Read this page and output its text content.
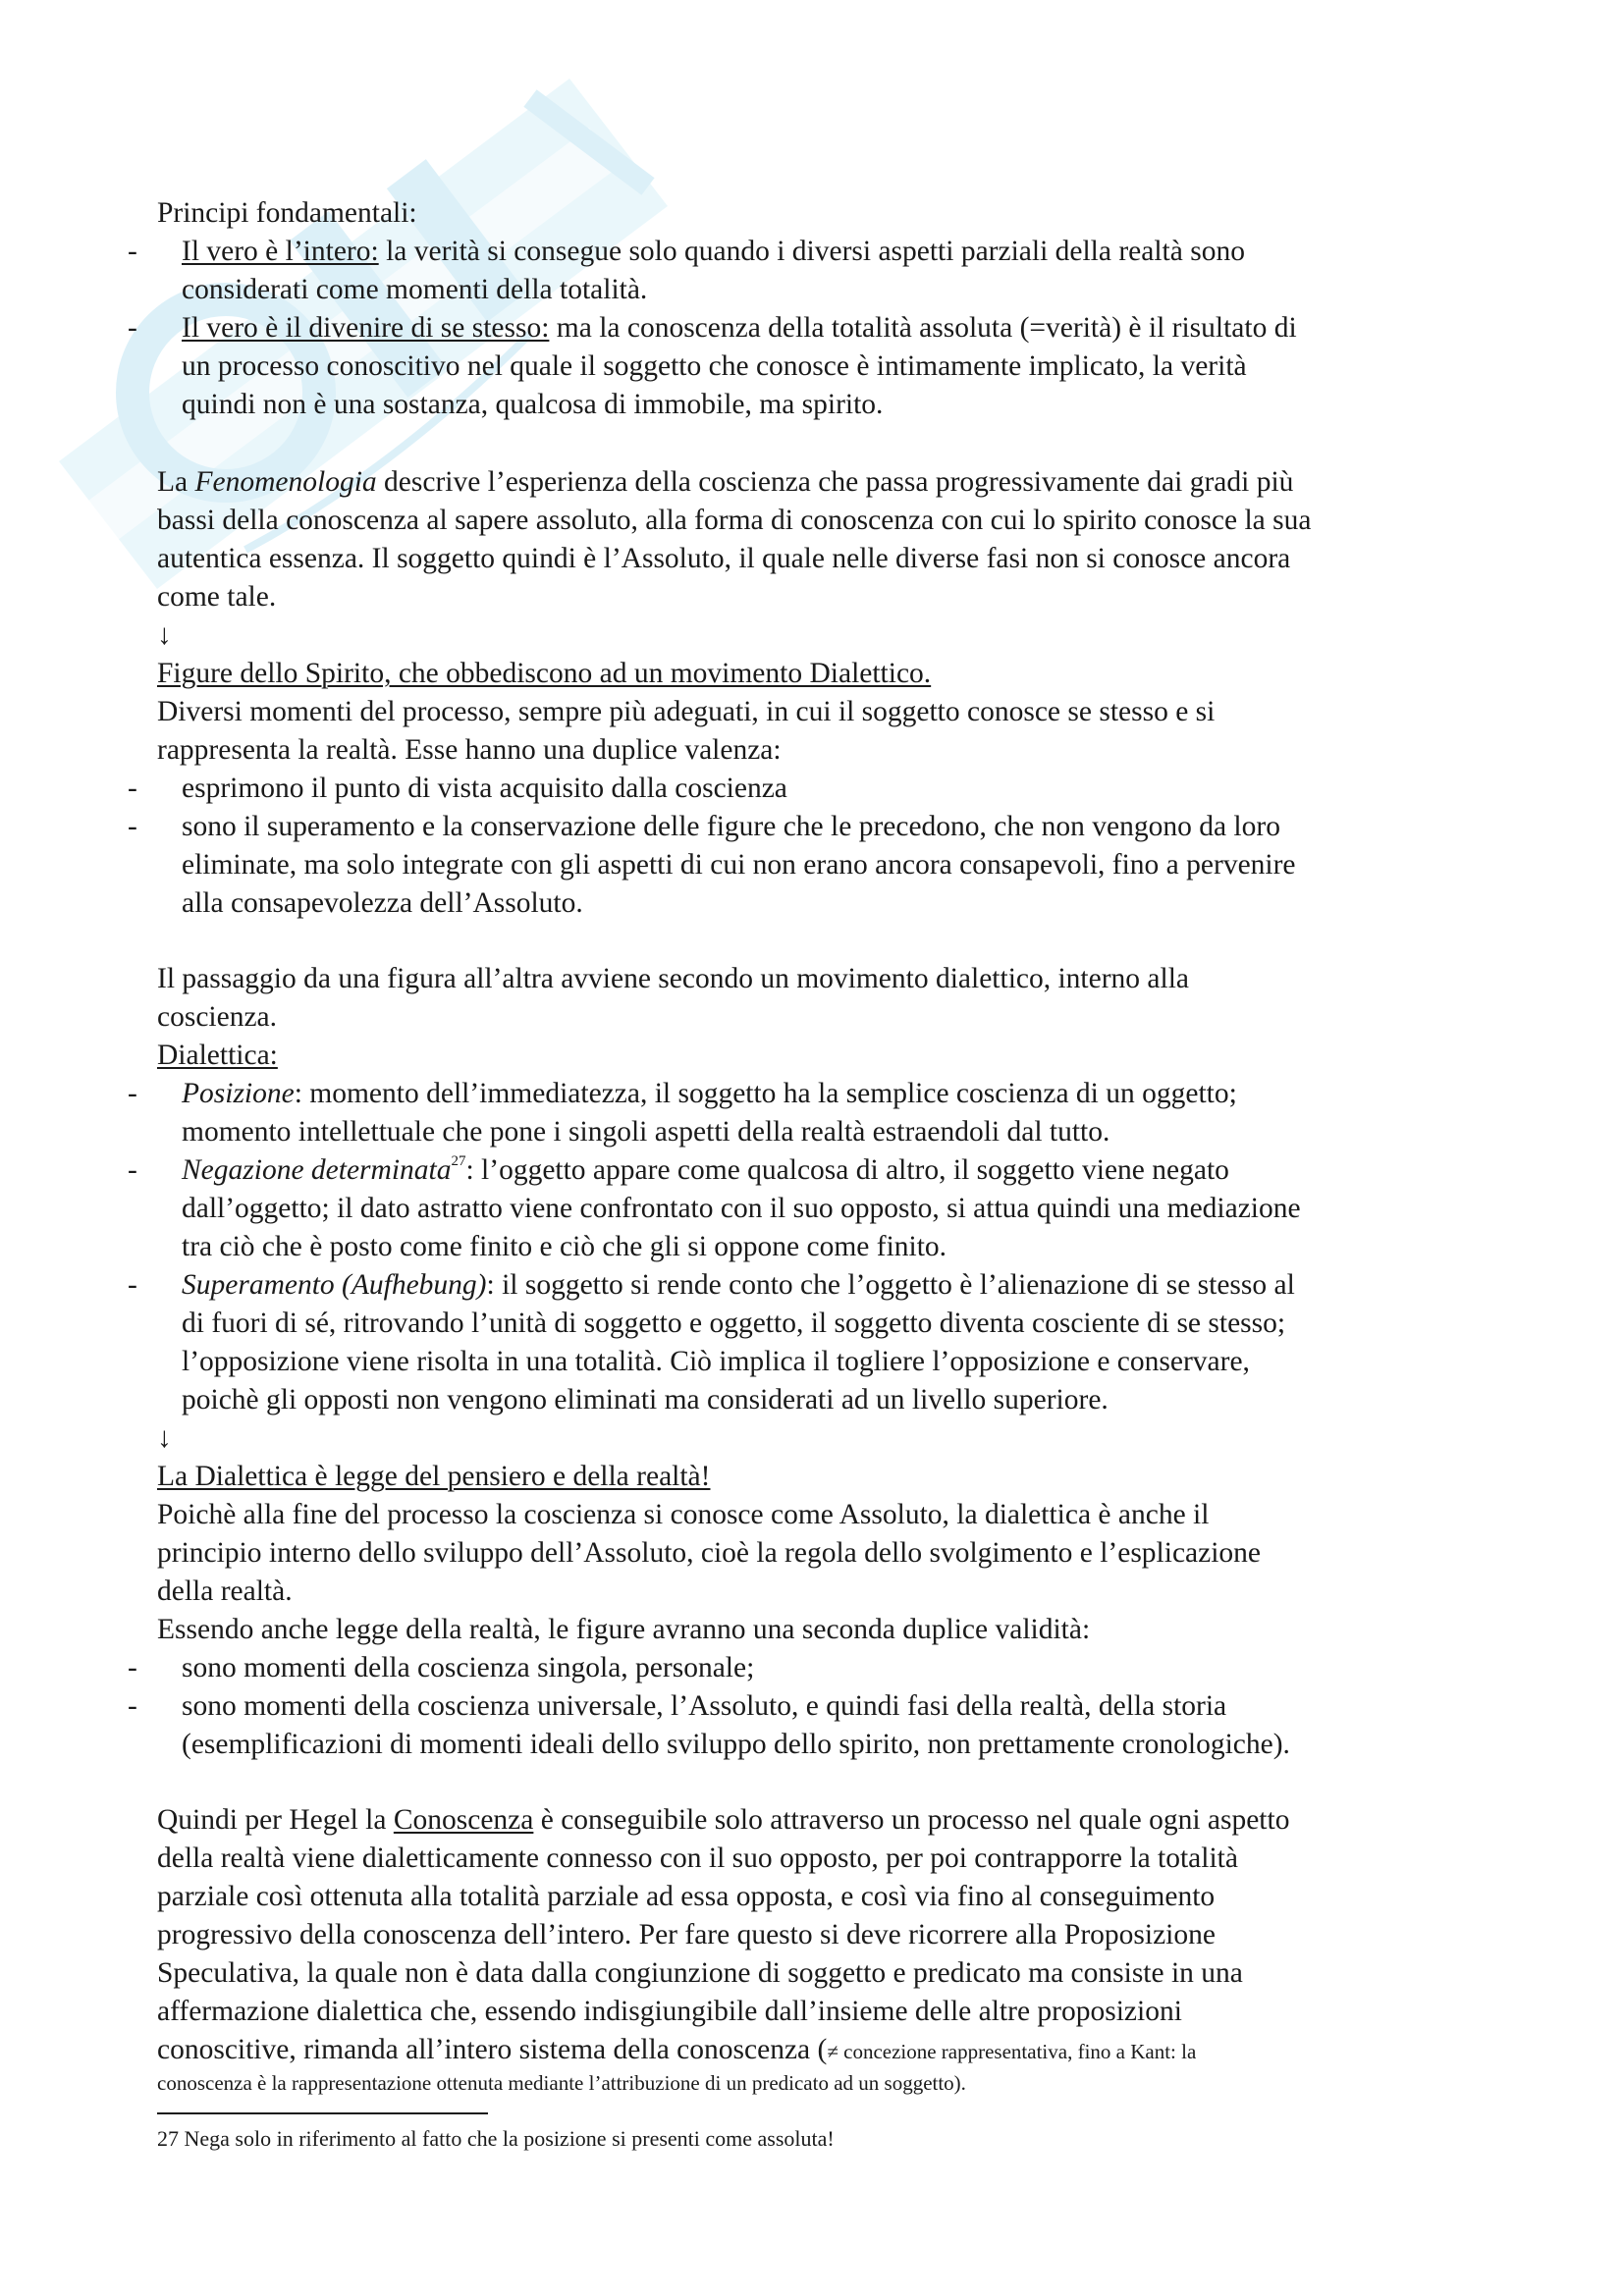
Principi fondamentali:
- Il vero è l’intero: la verità si consegue solo quando i diversi aspetti parziali della realtà sono
considerati come momenti della totalità.
- Il vero è il divenire di se stesso: ma la conoscenza della totalità assoluta (=verità) è il risultato di
un processo conoscitivo nel quale il soggetto che conosce è intimamente implicato, la verità
quindi non è una sostanza, qualcosa di immobile, ma spirito.
La Fenomenologia descrive l’esperienza della coscienza che passa progressivamente dai gradi più
bassi della conoscenza al sapere assoluto, alla forma di conoscenza con cui lo spirito conosce la sua
autentica essenza. Il soggetto quindi è l’Assoluto, il quale nelle diverse fasi non si conosce ancora
come tale.
↓
Figure dello Spirito, che obbediscono ad un movimento Dialettico.
Diversi momenti del processo, sempre più adeguati, in cui il soggetto conosce se stesso e si
rappresenta la realtà. Esse hanno una duplice valenza:
- esprimono il punto di vista acquisito dalla coscienza
- sono il superamento e la conservazione delle figure che le precedono, che non vengono da loro
eliminate, ma solo integrate con gli aspetti di cui non erano ancora consapevoli, fino a pervenire
alla consapevolezza dell’Assoluto.
Il passaggio da una figura all’altra avviene secondo un movimento dialettico, interno alla
coscienza.
Dialettica:
- Posizione: momento dell’immediatezza, il soggetto ha la semplice coscienza di un oggetto;
momento intellettuale che pone i singoli aspetti della realtà estraendoli dal tutto.
- Negazione determinata$^{27}$: l’oggetto appare come qualcosa di altro, il soggetto viene negato
dall’oggetto; il dato astratto viene confrontato con il suo opposto, si attua quindi una mediazione
tra ciò che è posto come finito e ciò che gli si oppone come finito.
- Superamento (Aufhebung): il soggetto si rende conto che l’oggetto è l’alienazione di se stesso al
di fuori di sé, ritrovando l’unità di soggetto e oggetto, il soggetto diventa cosciente di se stesso;
l’opposizione viene risolta in una totalità. Ciò implica il togliere l’opposizione e conservare,
poichè gli opposti non vengono eliminati ma considerati ad un livello superiore.
↓
La Dialettica è legge del pensiero e della realtà!
Poichè alla fine del processo la coscienza si conosce come Assoluto, la dialettica è anche il
principio interno dello sviluppo dell’Assoluto, cioè la regola dello svolgimento e l’esplicazione
della realtà.
Essendo anche legge della realtà, le figure avranno una seconda duplice validità:
- sono momenti della coscienza singola, personale;
- sono momenti della coscienza universale, l’Assoluto, e quindi fasi della realtà, della storia
(esemplificazioni di momenti ideali dello sviluppo dello spirito, non prettamente cronologiche).
Quindi per Hegel la Conoscenza è conseguibile solo attraverso un processo nel quale ogni aspetto
della realtà viene dialetticamente connesso con il suo opposto, per poi contrapporre la totalità
parziale così ottenuta alla totalità parziale ad essa opposta, e così via fino al conseguimento
progressivo della conoscenza dell’intero. Per fare questo si deve ricorrere alla Proposizione
Speculativa, la quale non è data dalla congiunzione di soggetto e predicato ma consiste in una
affermazione dialettica che, essendo indisgiungibile dall’insieme delle altre proposizioni
conoscitive, rimanda all’intero sistema della conoscenza (≠ concezione rappresentativa, fino a Kant: la
conoscenza è la rappresentazione ottenuta mediante l’attribuzione di un predicato ad un soggetto).
27 Nega solo in riferimento al fatto che la posizione si presenti come assoluta!
